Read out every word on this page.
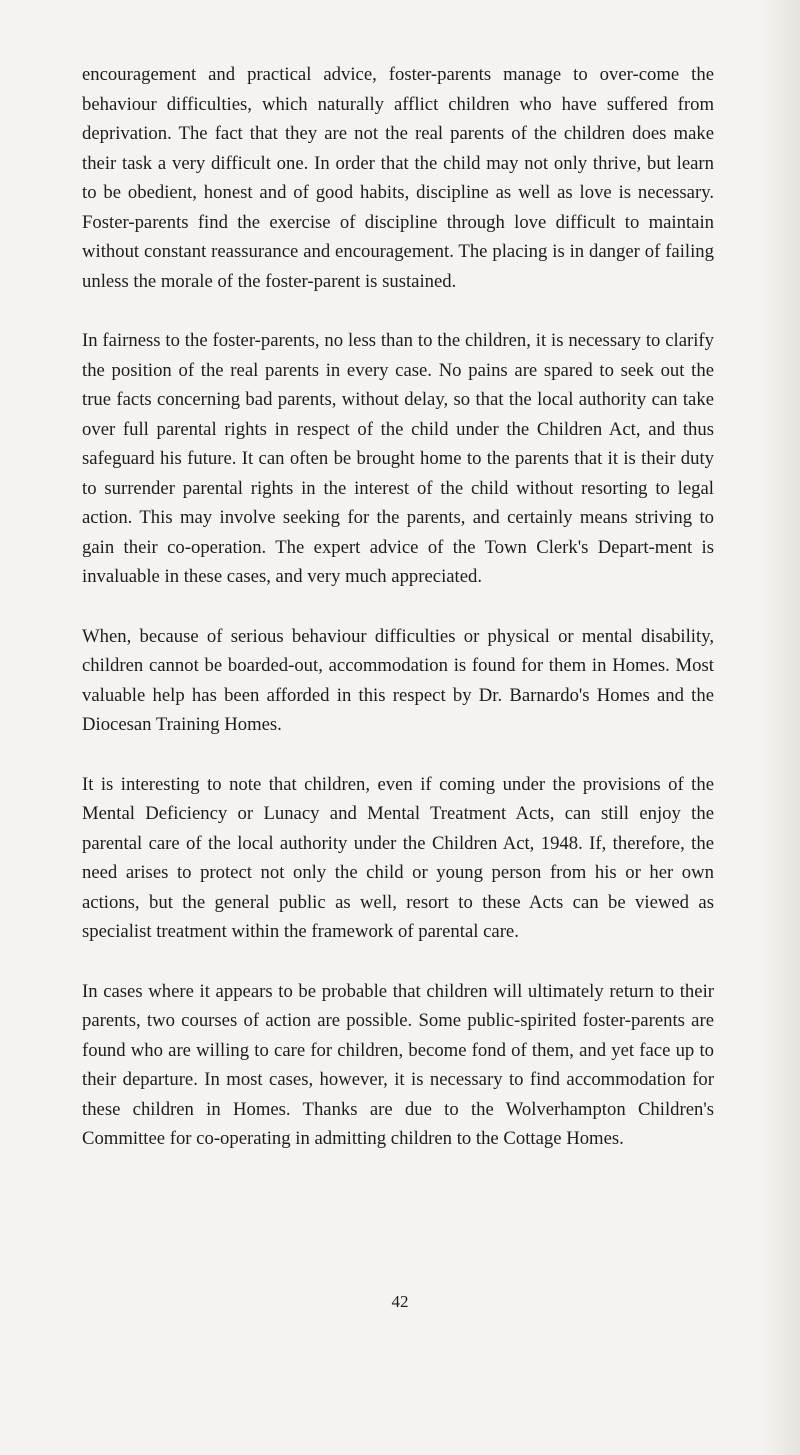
encouragement and practical advice, foster-parents manage to over-come the behaviour difficulties, which naturally afflict children who have suffered from deprivation. The fact that they are not the real parents of the children does make their task a very difficult one. In order that the child may not only thrive, but learn to be obedient, honest and of good habits, discipline as well as love is necessary. Foster-parents find the exercise of discipline through love difficult to maintain without constant reassurance and encouragement. The placing is in danger of failing unless the morale of the foster-parent is sustained.

In fairness to the foster-parents, no less than to the children, it is necessary to clarify the position of the real parents in every case. No pains are spared to seek out the true facts concerning bad parents, without delay, so that the local authority can take over full parental rights in respect of the child under the Children Act, and thus safeguard his future. It can often be brought home to the parents that it is their duty to surrender parental rights in the interest of the child without resorting to legal action. This may involve seeking for the parents, and certainly means striving to gain their co-operation. The expert advice of the Town Clerk's Depart-ment is invaluable in these cases, and very much appreciated.

When, because of serious behaviour difficulties or physical or mental disability, children cannot be boarded-out, accommodation is found for them in Homes. Most valuable help has been afforded in this respect by Dr. Barnardo's Homes and the Diocesan Training Homes.

It is interesting to note that children, even if coming under the provisions of the Mental Deficiency or Lunacy and Mental Treatment Acts, can still enjoy the parental care of the local authority under the Children Act, 1948. If, therefore, the need arises to protect not only the child or young person from his or her own actions, but the general public as well, resort to these Acts can be viewed as specialist treatment within the framework of parental care.

In cases where it appears to be probable that children will ultimately return to their parents, two courses of action are possible. Some public-spirited foster-parents are found who are willing to care for children, become fond of them, and yet face up to their departure. In most cases, however, it is necessary to find accommodation for these children in Homes. Thanks are due to the Wolverhampton Children's Committee for co-operating in admitting children to the Cottage Homes.

42
